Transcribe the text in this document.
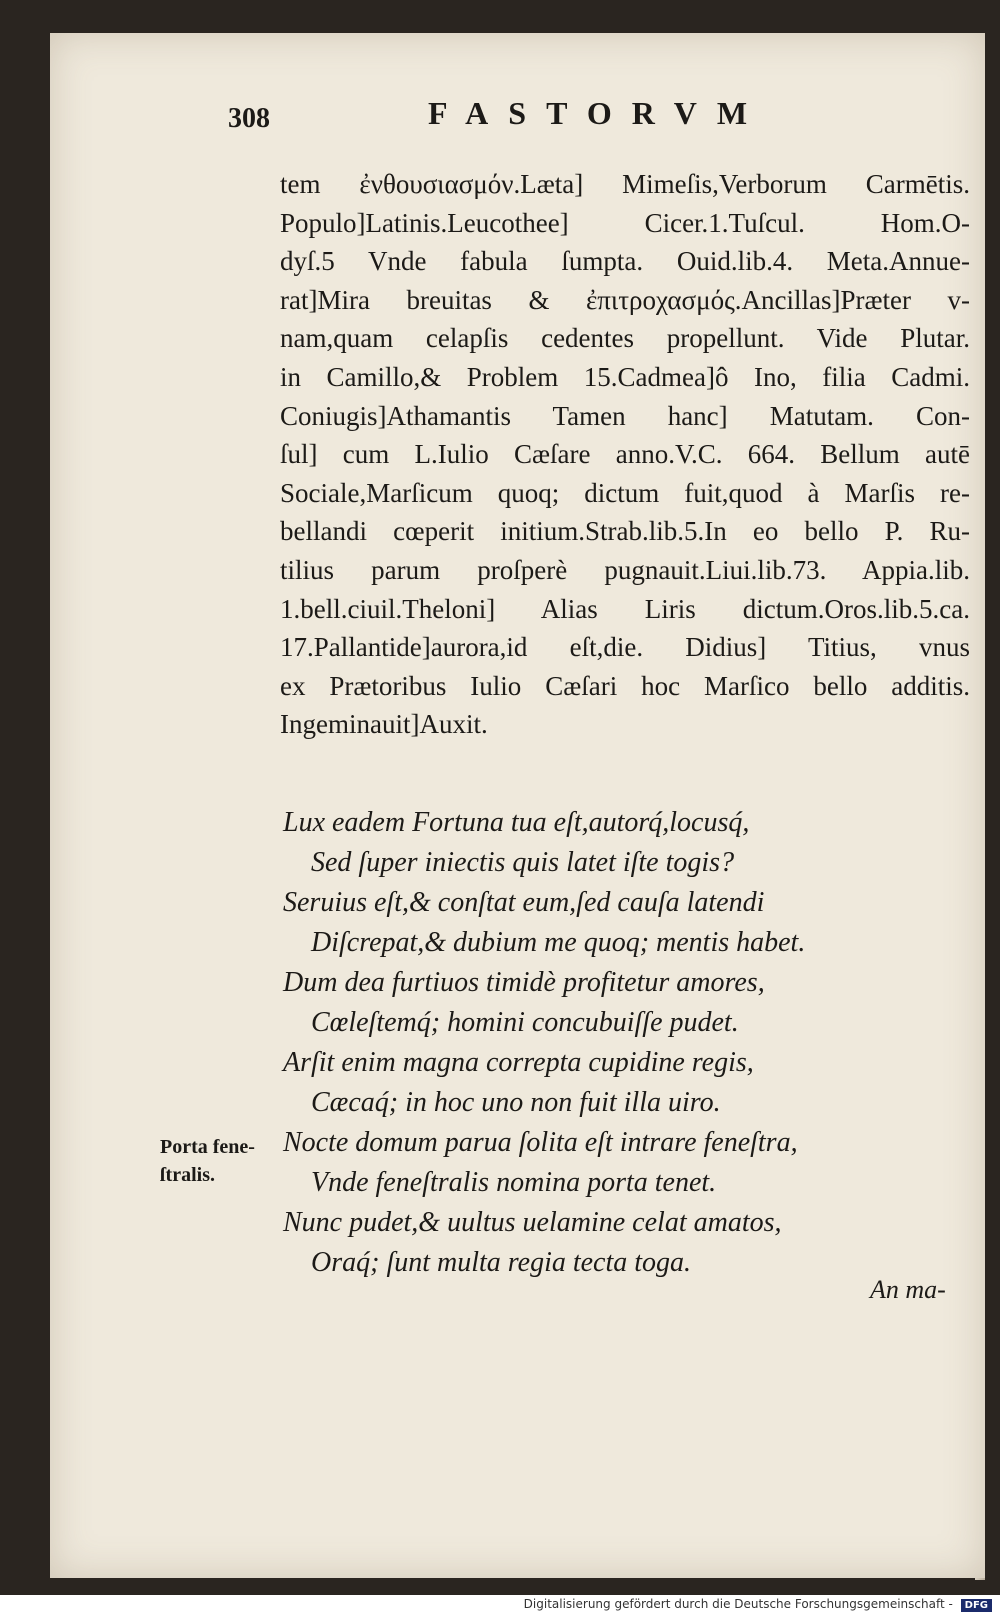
308	FASTORVM
tem ἐνθουσιασμόν.Læta] Mimeſis,Verborum Carmētis.
Populo]Latinis.Leucothee] Cicer.1.Tuſcul. Hom.O-
dyſ.5 Vnde fabula ſumpta. Ouid.lib.4. Meta.Annue-
rat]Mira breuitas & ἐπιτροχασμός.Ancillas]Præter v-
nam,quam celapſis cedentes propellunt. Vide Plutar.
in Camillo,& Problem 15.Cadmea]ô Ino, filia Cadmi.
Coniugis]Athamantis Tamen hanc] Matutam. Con-
ſul] cum L.Iulio Cæſare anno.V.C. 664. Bellum autē
Sociale,Marſicum quoq; dictum fuit,quod à Marſis re-
bellandi cœperit initium.Strab.lib.5.In eo bello P. Ru-
tilius parum proſperè pugnauit.Liui.lib.73. Appia.lib.
1.bell.ciuil.Theloni] Alias Liris dictum.Oros.lib.5.ca.
17.Pallantide]aurora,id eſt,die. Didius] Titius, vnus
ex Prætoribus Iulio Cæſari hoc Marſico bello additis.
Ingeminauit]Auxit.
Lux eadem Fortuna tua eſt,autorq́,locusq́,
Sed ſuper iniectis quis latet iſte togis?
Seruius eſt,& conſtat eum,ſed cauſa latendi
Diſcrepat,& dubium me quoq; mentis habet.
Dum dea furtiuos timidè profitetur amores,
Cœleſtemq́; homini concubuiſſe pudet.
Arſit enim magna correpta cupidine regis,
Cæcaq́; in hoc uno non fuit illa uiro.
Nocte domum parua ſolita eſt intrare feneſtra,
Vnde feneſtralis nomina porta tenet.
Nunc pudet,& uultus uelamine celat amatos,
Oraq́; ſunt multa regia tecta toga.
Porta fene-
ſtralis.
An ma-
Digitalisierung gefördert durch die Deutsche Forschungsgemeinschaft - DFG
